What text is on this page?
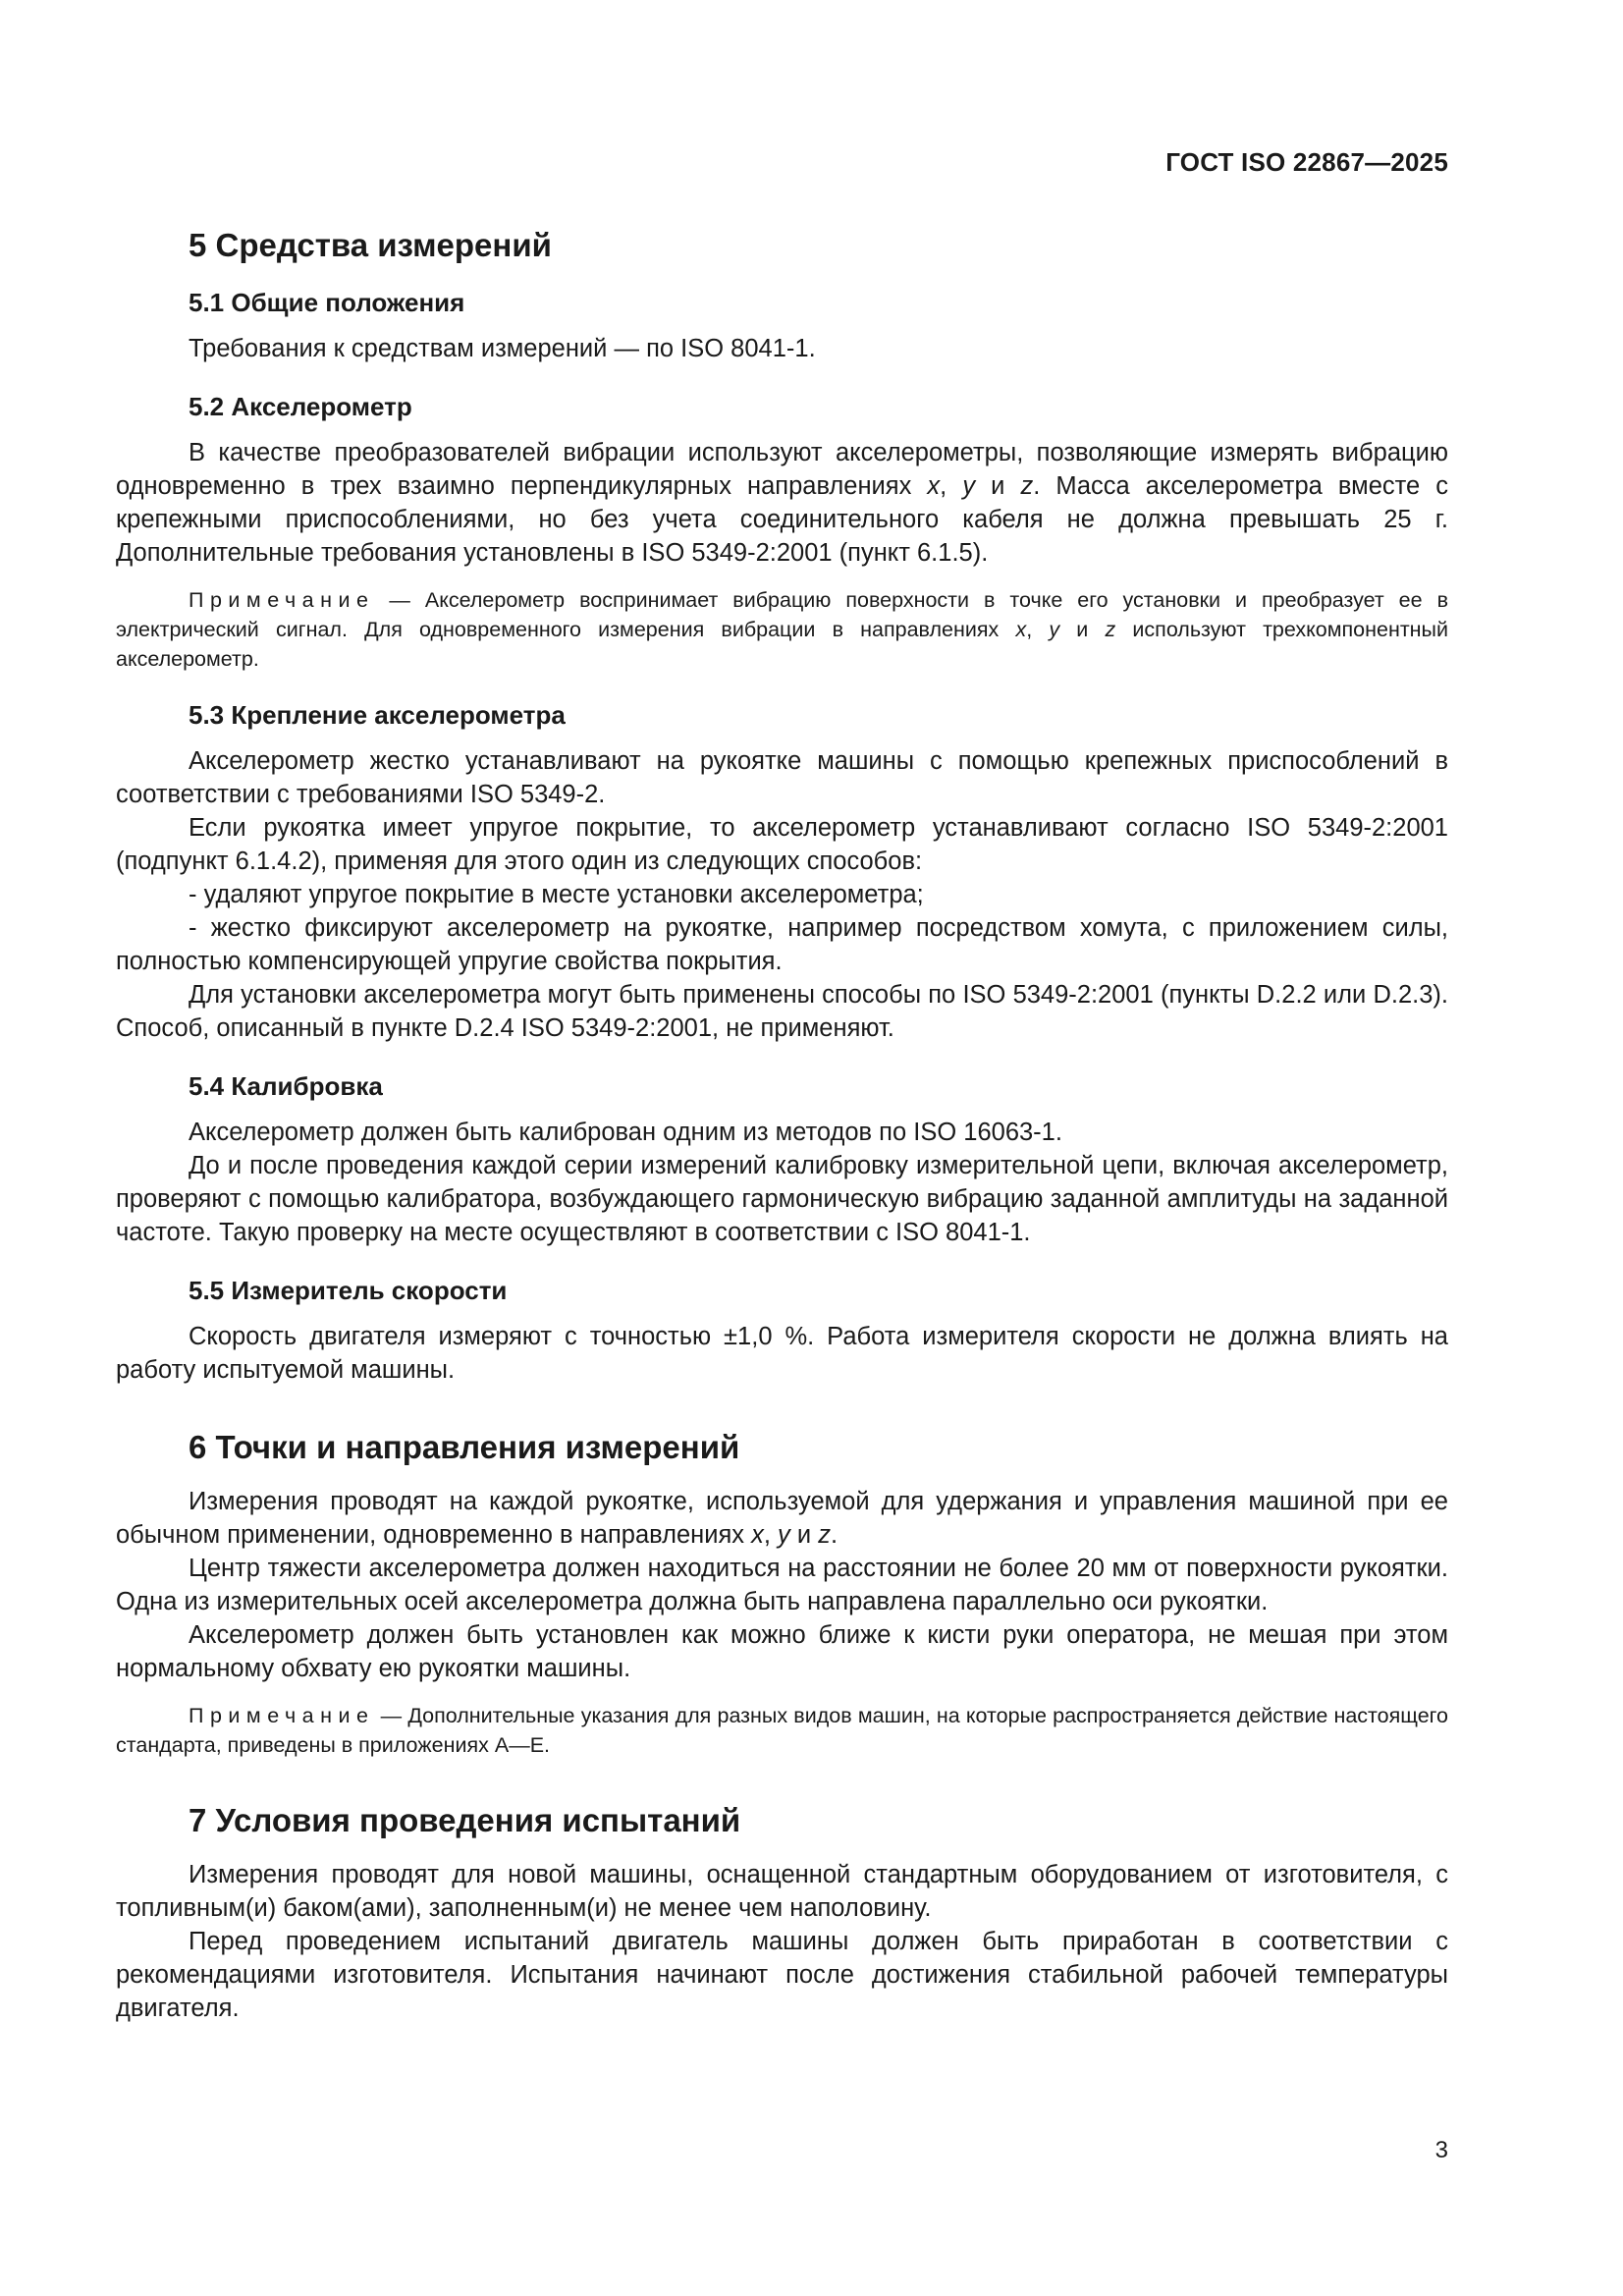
ГОСТ ISO 22867—2025
5 Средства измерений
5.1 Общие положения

Требования к средствам измерений — по ISO 8041-1.

5.2 Акселерометр

В качестве преобразователей вибрации используют акселерометры, позволяющие измерять вибрацию одновременно в трех взаимно перпендикулярных направлениях x, y и z. Масса акселерометра вместе с крепежными приспособлениями, но без учета соединительного кабеля не должна превышать 25 г. Дополнительные требования установлены в ISO 5349-2:2001 (пункт 6.1.5).

Примечание — Акселерометр воспринимает вибрацию поверхности в точке его установки и преобразует ее в электрический сигнал. Для одновременного измерения вибрации в направлениях x, y и z используют трехкомпонентный акселерометр.

5.3 Крепление акселерометра

Акселерометр жестко устанавливают на рукоятке машины с помощью крепежных приспособлений в соответствии с требованиями ISO 5349-2.

Если рукоятка имеет упругое покрытие, то акселерометр устанавливают согласно ISO 5349-2:2001 (подпункт 6.1.4.2), применяя для этого один из следующих способов:

- удаляют упругое покрытие в месте установки акселерометра;

- жестко фиксируют акселерометр на рукоятке, например посредством хомута, с приложением силы, полностью компенсирующей упругие свойства покрытия.

Для установки акселерометра могут быть применены способы по ISO 5349-2:2001 (пункты D.2.2 или D.2.3). Способ, описанный в пункте D.2.4 ISO 5349-2:2001, не применяют.

5.4 Калибровка

Акселерометр должен быть калиброван одним из методов по ISO 16063-1.

До и после проведения каждой серии измерений калибровку измерительной цепи, включая акселерометр, проверяют с помощью калибратора, возбуждающего гармоническую вибрацию заданной амплитуды на заданной частоте. Такую проверку на месте осуществляют в соответствии с ISO 8041-1.

5.5 Измеритель скорости

Скорость двигателя измеряют с точностью ±1,0 %. Работа измерителя скорости не должна влиять на работу испытуемой машины.

6 Точки и направления измерений

Измерения проводят на каждой рукоятке, используемой для удержания и управления машиной при ее обычном применении, одновременно в направлениях x, y и z.

Центр тяжести акселерометра должен находиться на расстоянии не более 20 мм от поверхности рукоятки. Одна из измерительных осей акселерометра должна быть направлена параллельно оси рукоятки.

Акселерометр должен быть установлен как можно ближе к кисти руки оператора, не мешая при этом нормальному обхвату ею рукоятки машины.

Примечание — Дополнительные указания для разных видов машин, на которые распространяется действие настоящего стандарта, приведены в приложениях А—Е.

7 Условия проведения испытаний

Измерения проводят для новой машины, оснащенной стандартным оборудованием от изготовителя, с топливным(и) баком(ами), заполненным(и) не менее чем наполовину.

Перед проведением испытаний двигатель машины должен быть приработан в соответствии с рекомендациями изготовителя. Испытания начинают после достижения стабильной рабочей температуры двигателя.

3
